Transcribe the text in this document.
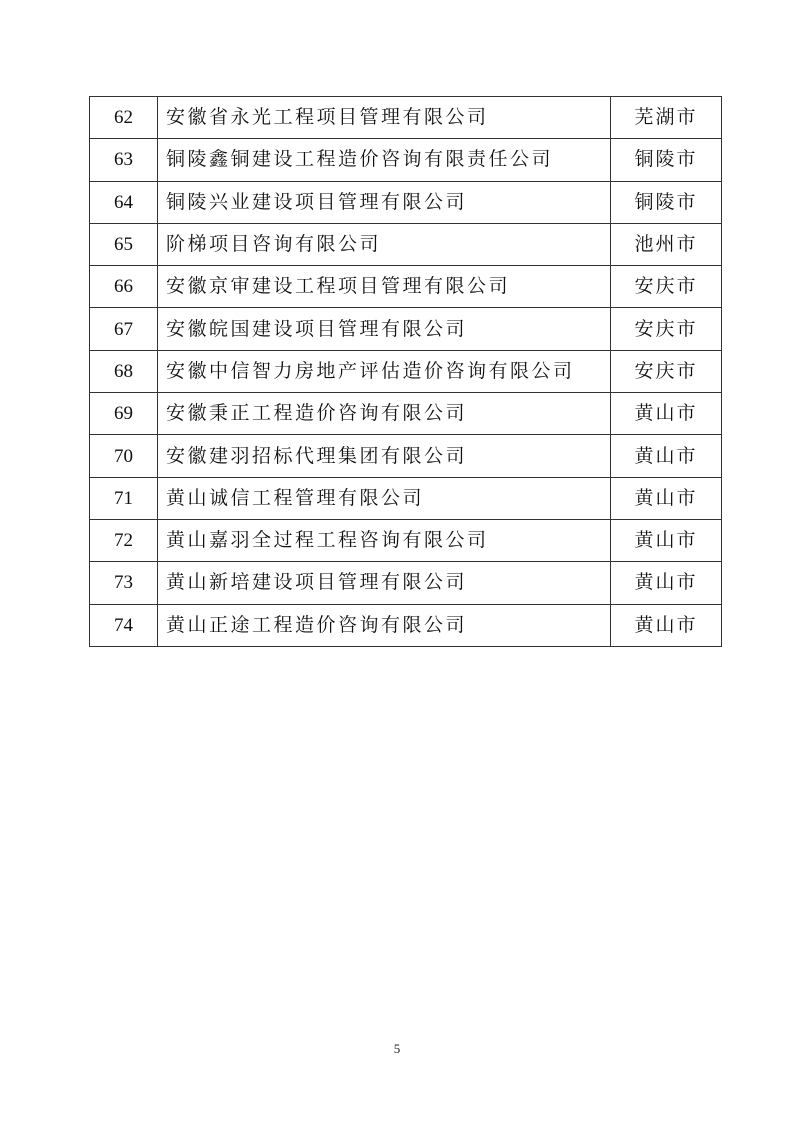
62	安徽省永光工程项目管理有限公司	芜湖市
63	铜陵鑫铜建设工程造价咨询有限责任公司	铜陵市
64	铜陵兴业建设项目管理有限公司	铜陵市
65	阶梯项目咨询有限公司	池州市
66	安徽京审建设工程项目管理有限公司	安庆市
67	安徽皖国建设项目管理有限公司	安庆市
68	安徽中信智力房地产评估造价咨询有限公司	安庆市
69	安徽秉正工程造价咨询有限公司	黄山市
70	安徽建羽招标代理集团有限公司	黄山市
71	黄山诚信工程管理有限公司	黄山市
72	黄山嘉羽全过程工程咨询有限公司	黄山市
73	黄山新培建设项目管理有限公司	黄山市
74	黄山正途工程造价咨询有限公司	黄山市
5
